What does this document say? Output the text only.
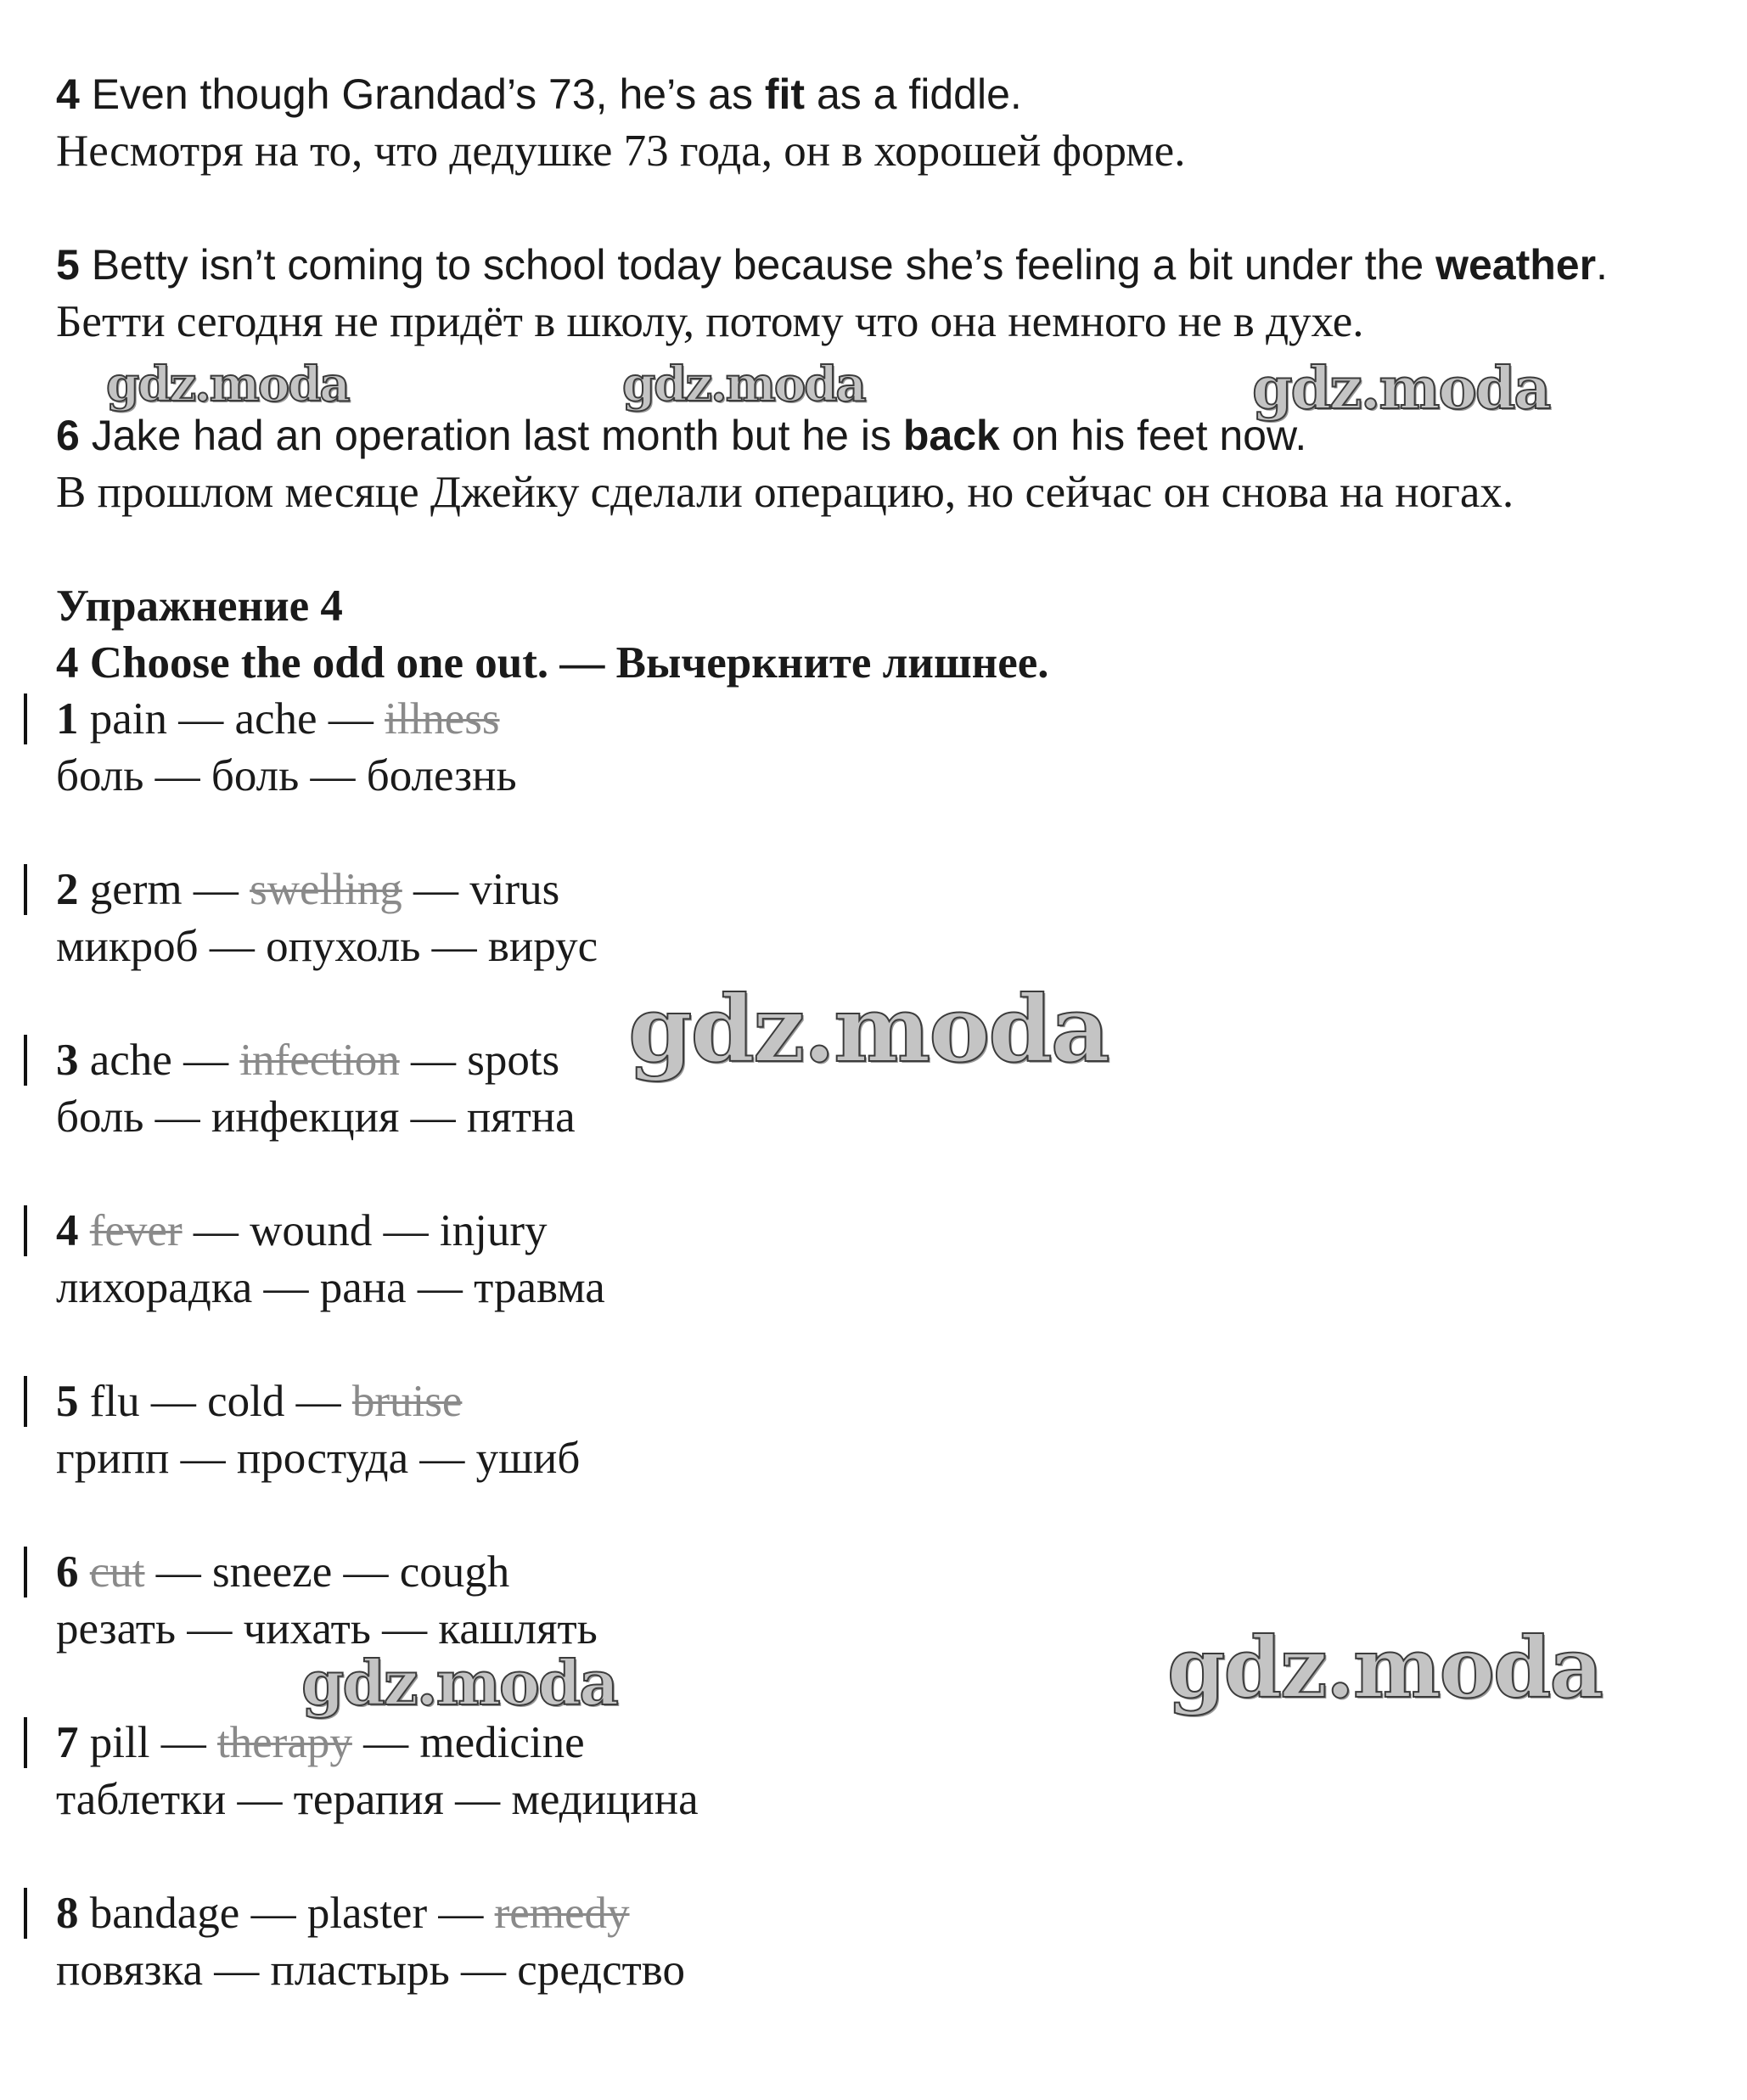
4 Even though Grandad’s 73, he’s as fit as a fiddle.
Несмотря на то, что дедушке 73 года, он в хорошей форме.
5 Betty isn’t coming to school today because she’s feeling a bit under the weather.
Бетти сегодня не придёт в школу, потому что она немного не в духе.
6 Jake had an operation last month but he is back on his feet now.
В прошлом месяце Джейку сделали операцию, но сейчас он снова на ногах.
Упражнение 4
4 Choose the odd one out. — Вычеркните лишнее.
1 pain — ache — illness
боль — боль — болезнь
2 germ — swelling — virus
микроб — опухоль — вирус
3 ache — infection — spots
боль — инфекция — пятна
4 fever — wound — injury
лихорадка — рана — травма
5 flu — cold — bruise
грипп — простуда — ушиб
6 cut — sneeze — cough
резать — чихать — кашлять
7 pill — therapy — medicine
таблетки — терапия — медицина
8 bandage — plaster — remedy
повязка — пластырь — средство
gdz.moda	gdz.moda	gdz.moda
gdz.moda
gdz.moda	gdz.moda
